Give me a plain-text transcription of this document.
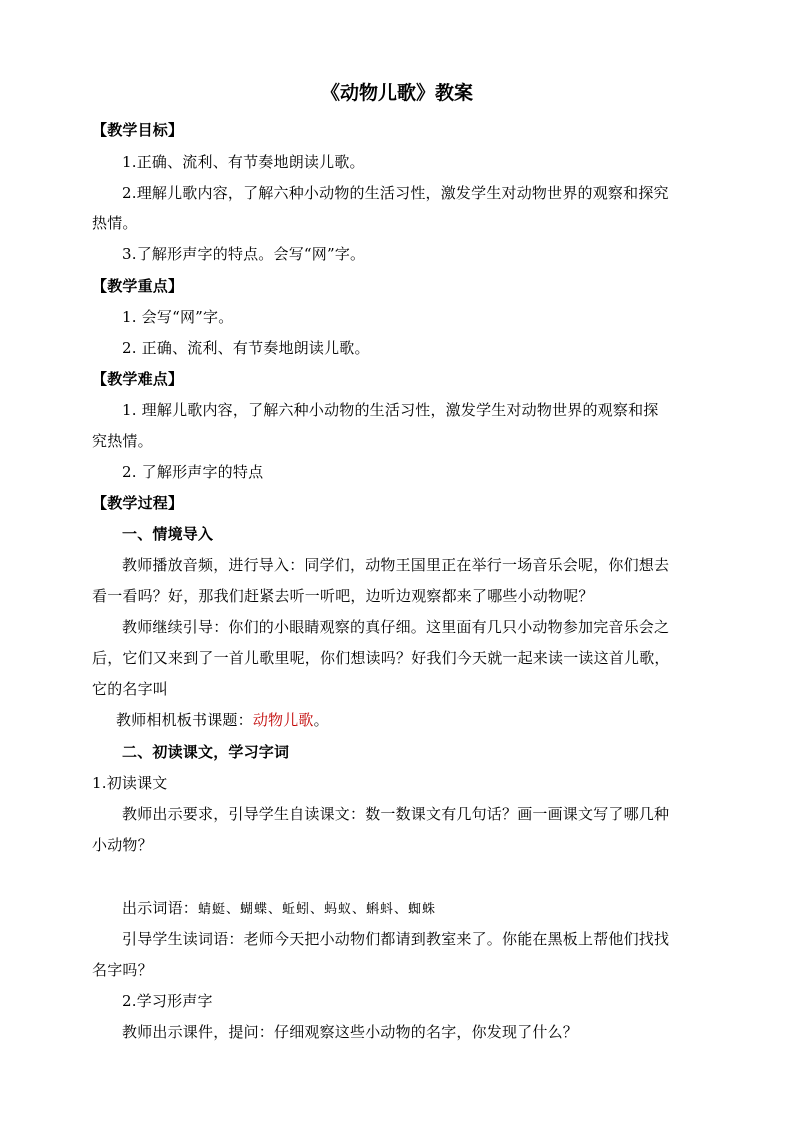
《动物儿歌》教案
【教学目标】
1.正确、流利、有节奏地朗读儿歌。
2.理解儿歌内容，了解六种小动物的生活习性，激发学生对动物世界的观察和探究
热情。
3.了解形声字的特点。会写“网”字。
【教学重点】
1. 会写“网”字。
2. 正确、流利、有节奏地朗读儿歌。
【教学难点】
1. 理解儿歌内容，了解六种小动物的生活习性，激发学生对动物世界的观察和探
究热情。
2. 了解形声字的特点
【教学过程】
一、情境导入
教师播放音频，进行导入：同学们，动物王国里正在举行一场音乐会呢，你们想去
看一看吗？好，那我们赶紧去听一听吧，边听边观察都来了哪些小动物呢？
教师继续引导：你们的小眼睛观察的真仔细。这里面有几只小动物参加完音乐会之
后，它们又来到了一首儿歌里呢，你们想读吗？好我们今天就一起来读一读这首儿歌，
它的名字叫
教师相机板书课题：动物儿歌。
二、初读课文，学习字词
1.初读课文
教师出示要求，引导学生自读课文：数一数课文有几句话？画一画课文写了哪几种
小动物？
出示词语：蜻蜓、蝴蝶、蚯蚓、蚂蚁、蝌蚪、蜘蛛
引导学生读词语：老师今天把小动物们都请到教室来了。你能在黑板上帮他们找找
名字吗？
2.学习形声字
教师出示课件，提问：仔细观察这些小动物的名字，你发现了什么？
